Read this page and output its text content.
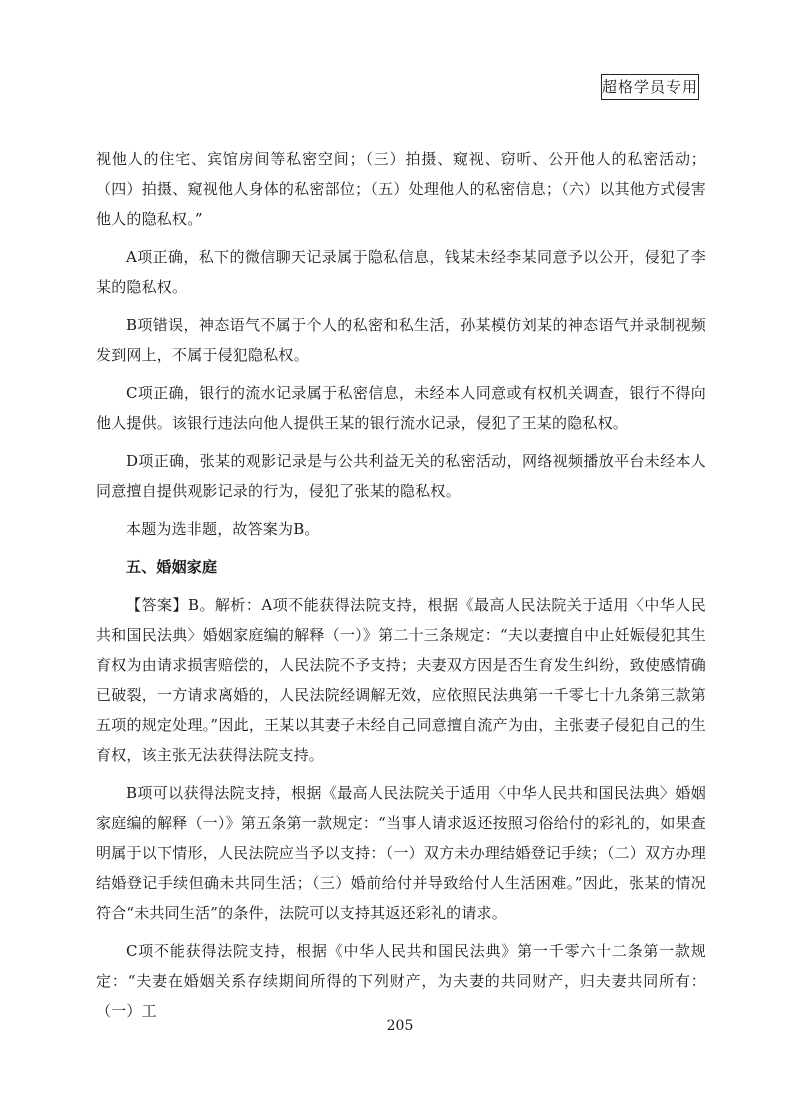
超格学员专用

视他人的住宅、宾馆房间等私密空间；（三）拍摄、窥视、窃听、公开他人的私密活动；（四）拍摄、窥视他人身体的私密部位；（五）处理他人的私密信息；（六）以其他方式侵害他人的隐私权。”

A项正确，私下的微信聊天记录属于隐私信息，钱某未经李某同意予以公开，侵犯了李某的隐私权。

B项错误，神态语气不属于个人的私密和私生活，孙某模仿刘某的神态语气并录制视频发到网上，不属于侵犯隐私权。

C项正确，银行的流水记录属于私密信息，未经本人同意或有权机关调查，银行不得向他人提供。该银行违法向他人提供王某的银行流水记录，侵犯了王某的隐私权。

D项正确，张某的观影记录是与公共利益无关的私密活动，网络视频播放平台未经本人同意擅自提供观影记录的行为，侵犯了张某的隐私权。

本题为选非题，故答案为B。

五、婚姻家庭

【答案】B。解析：A项不能获得法院支持，根据《最高人民法院关于适用〈中华人民共和国民法典〉婚姻家庭编的解释（一）》第二十三条规定：“夫以妻擅自中止妊娠侵犯其生育权为由请求损害赔偿的，人民法院不予支持；夫妻双方因是否生育发生纠纷，致使感情确已破裂，一方请求离婚的，人民法院经调解无效，应依照民法典第一千零七十九条第三款第五项的规定处理。”因此，王某以其妻子未经自己同意擅自流产为由，主张妻子侵犯自己的生育权，该主张无法获得法院支持。

B项可以获得法院支持，根据《最高人民法院关于适用〈中华人民共和国民法典〉婚姻家庭编的解释（一）》第五条第一款规定：“当事人请求返还按照习俗给付的彩礼的，如果查明属于以下情形，人民法院应当予以支持：（一）双方未办理结婚登记手续；（二）双方办理结婚登记手续但确未共同生活；（三）婚前给付并导致给付人生活困难。”因此，张某的情况符合“未共同生活”的条件，法院可以支持其返还彩礼的请求。

C项不能获得法院支持，根据《中华人民共和国民法典》第一千零六十二条第一款规定：“夫妻在婚姻关系存续期间所得的下列财产，为夫妻的共同财产，归夫妻共同所有：（一）工

205
